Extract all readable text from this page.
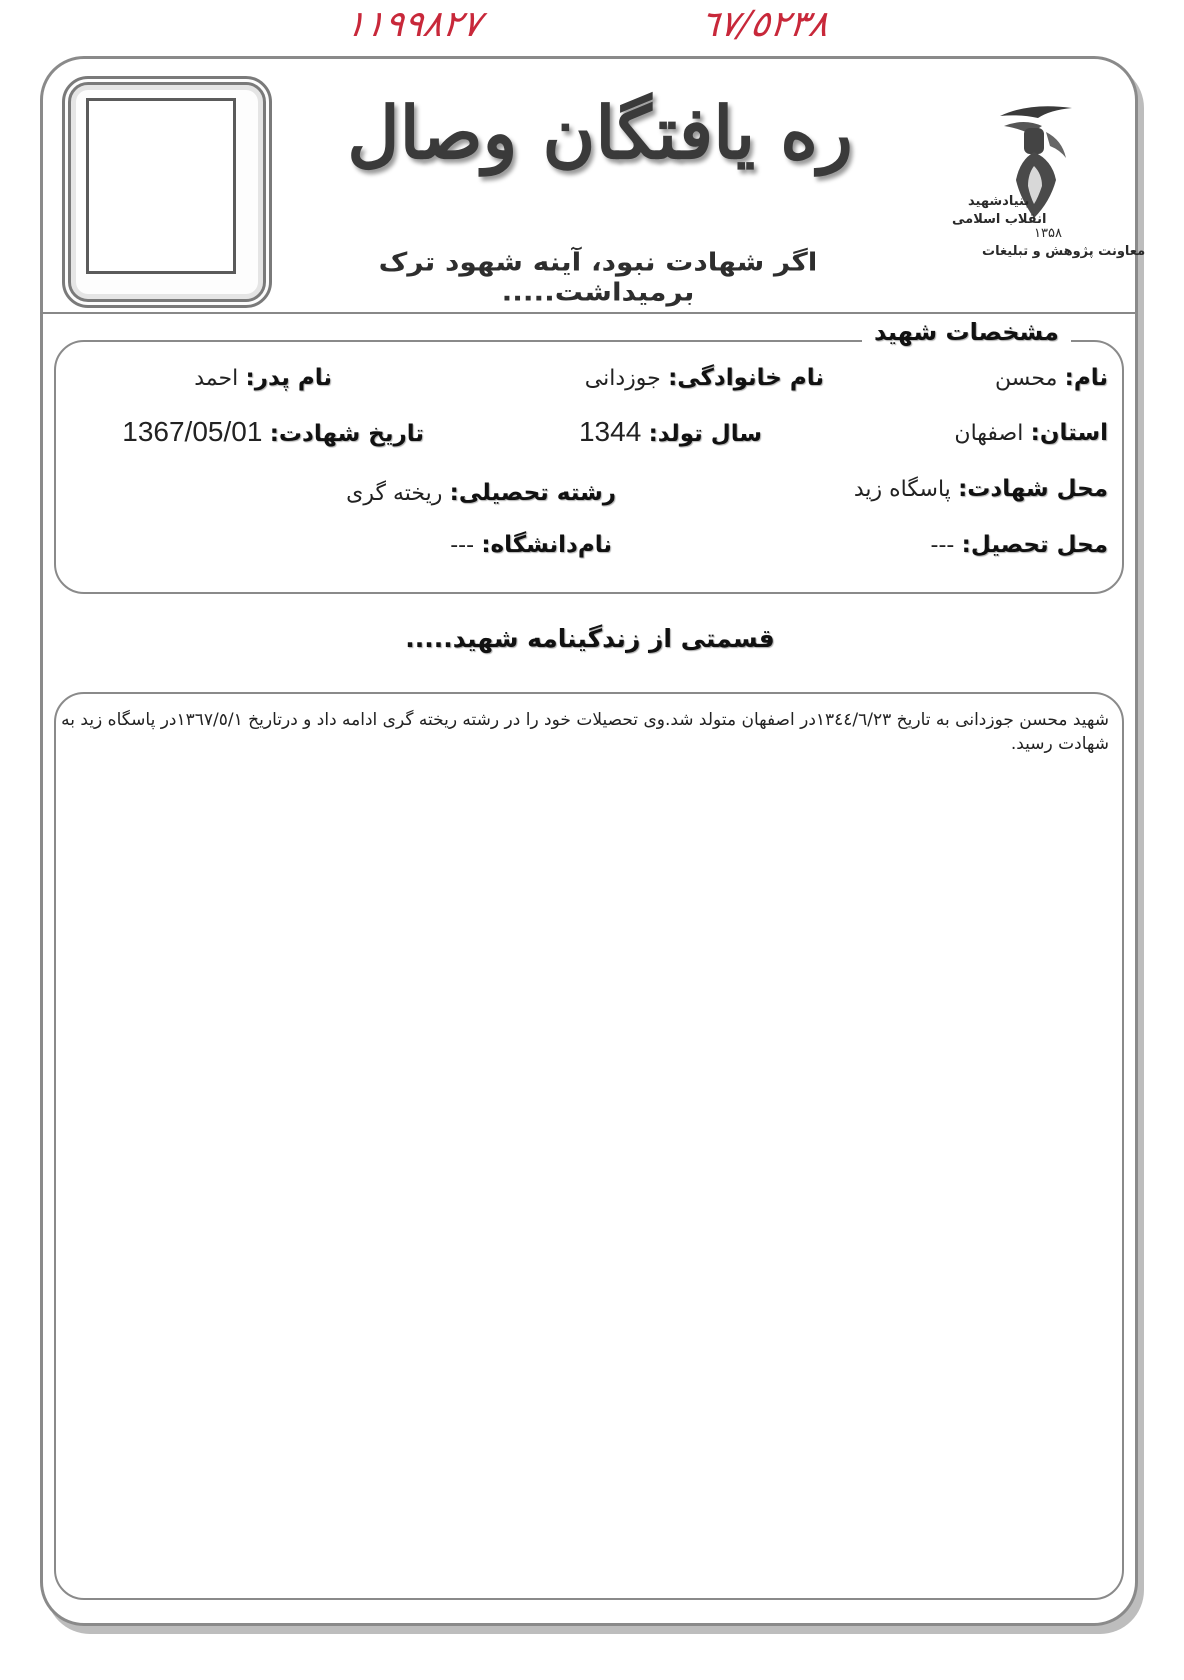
۱۱۹۹۸۲۷	٦٧/٥٢٣٨
ره یافتگان وصال
اگر شهادت نبود، آینه شهود ترک برمیداشت.....
بنیادشهید
انقلاب اسلامی
۱۳۵۸
معاونت پژوهش و تبلیغات
مشخصات شهید
نام: محسن
نام خانوادگی: جوزدانی
نام پدر: احمد
استان: اصفهان
سال تولد: 1344
تاریخ شهادت: 1367/05/01
محل شهادت: پاسگاه زید
رشته تحصیلی: ریخته گری
محل تحصیل: ---
نام‌دانشگاه: ---
قسمتی از زندگینامه شهید.....
شهید محسن جوزدانی به تاریخ ۱۳٤٤/٦/۲۳در اصفهان متولد شد.وی تحصیلات خود را در رشته ریخته گری ادامه داد و درتاریخ ۱۳٦۷/٥/۱در پاسگاه زید به شهادت رسید.
